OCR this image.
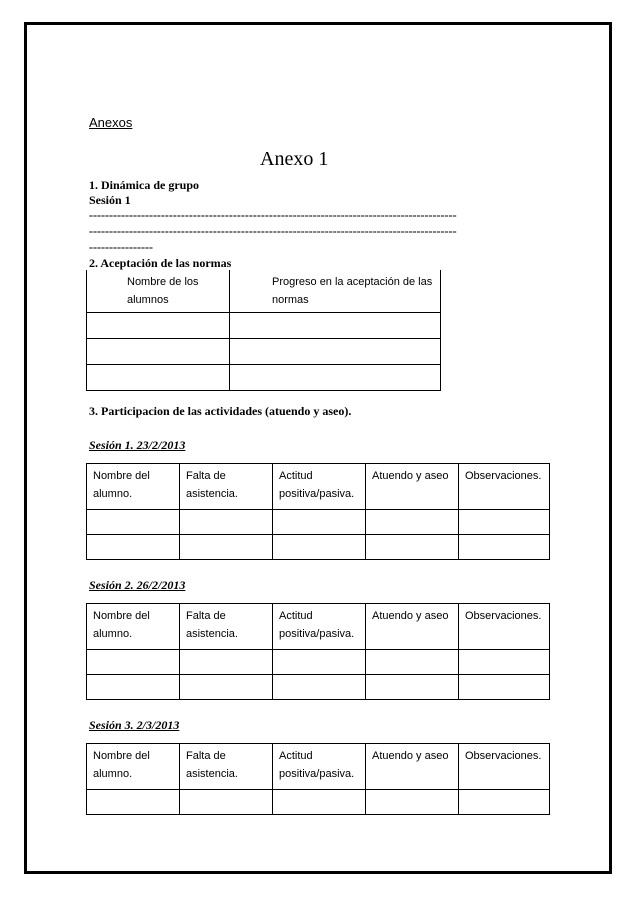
Anexos
Anexo 1
1. Dinámica de grupo
Sesión 1
--------------------------------------------------------------------------------------------
--------------------------------------------------------------------------------------------
----------------
2. Aceptación de las normas
Nombre de los alumnos	Progreso en la aceptación de las normas

3. Participacion de las actividades (atuendo y aseo).
Sesión 1. 23/2/2013
Nombre del alumno.	Falta de asistencia.	Actitud positiva/pasiva.	Atuendo y aseo	Observaciones.

Sesión 2. 26/2/2013
Nombre del alumno.	Falta de asistencia.	Actitud positiva/pasiva.	Atuendo y aseo	Observaciones.

Sesión 3. 2/3/2013
Nombre del alumno.	Falta de asistencia.	Actitud positiva/pasiva.	Atuendo y aseo	Observaciones.
